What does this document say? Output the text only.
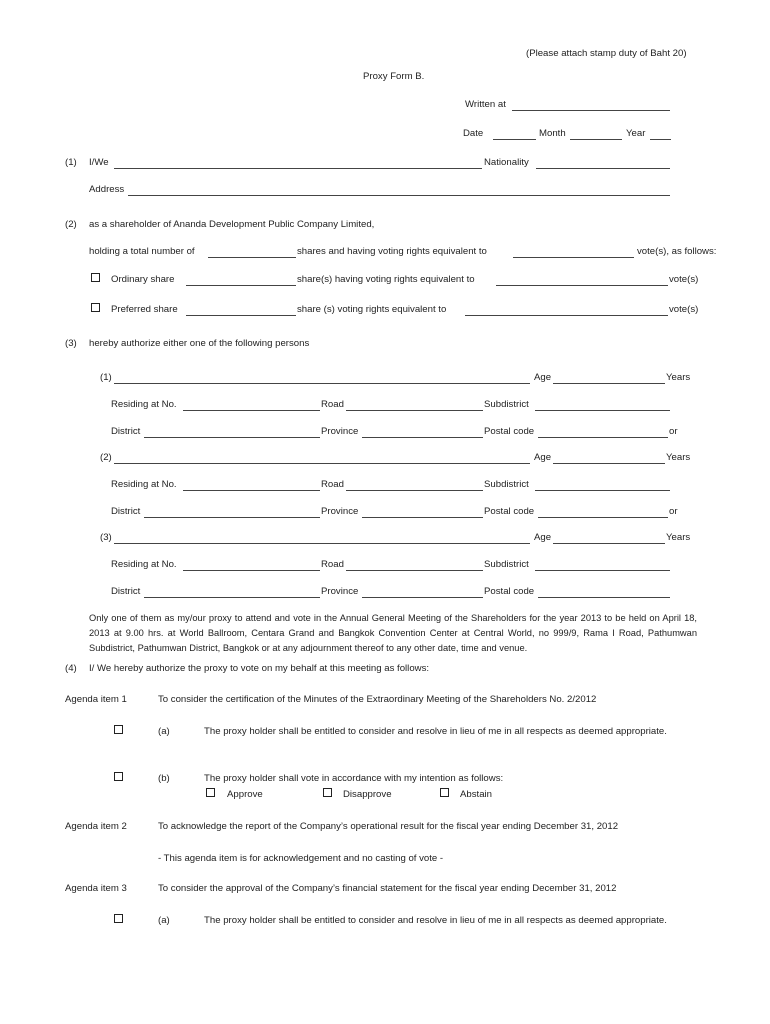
(Please attach stamp duty of Baht 20)
Proxy Form B.
Written at
Date	Month	Year
(1) I/We	Nationality
Address
(2) as a shareholder of Ananda Development Public Company Limited,
holding a total number of	shares and having voting rights equivalent to	vote(s), as follows:
Ordinary share	share(s) having voting rights equivalent to	vote(s)
Preferred share	share (s) voting rights equivalent to	vote(s)
(3) hereby authorize either one of the following persons
(1)	Age	Years
Residing at No.	Road	Subdistrict
District	Province	Postal code	or
(2)	Age	Years
Residing at No.	Road	Subdistrict
District	Province	Postal code	or
(3)	Age	Years
Residing at No.	Road	Subdistrict
District	Province	Postal code
Only one of them as my/our proxy to attend and vote in the Annual General Meeting of the Shareholders for the year 2013 to be held on April 18, 2013 at 9.00 hrs. at World Ballroom, Centara Grand and Bangkok Convention Center at Central World, no 999/9, Rama I Road, Pathumwan Subdistrict, Pathumwan District, Bangkok or at any adjournment thereof to any other date, time and venue.
(4) I/ We hereby authorize the proxy to vote on my behalf at this meeting as follows:
Agenda item 1	To consider the certification of the Minutes of the Extraordinary Meeting of the Shareholders No. 2/2012
(a)	The proxy holder shall be entitled to consider and resolve in lieu of me in all respects as deemed appropriate.
(b)	The proxy holder shall vote in accordance with my intention as follows:
Approve	Disapprove	Abstain
Agenda item 2	To acknowledge the report of the Company’s operational result for the fiscal year ending December 31, 2012
- This agenda item is for acknowledgement and no casting of vote -
Agenda item 3	To consider the approval of the Company’s financial statement for the fiscal year ending December 31, 2012
(a)	The proxy holder shall be entitled to consider and resolve in lieu of me in all respects as deemed appropriate.
